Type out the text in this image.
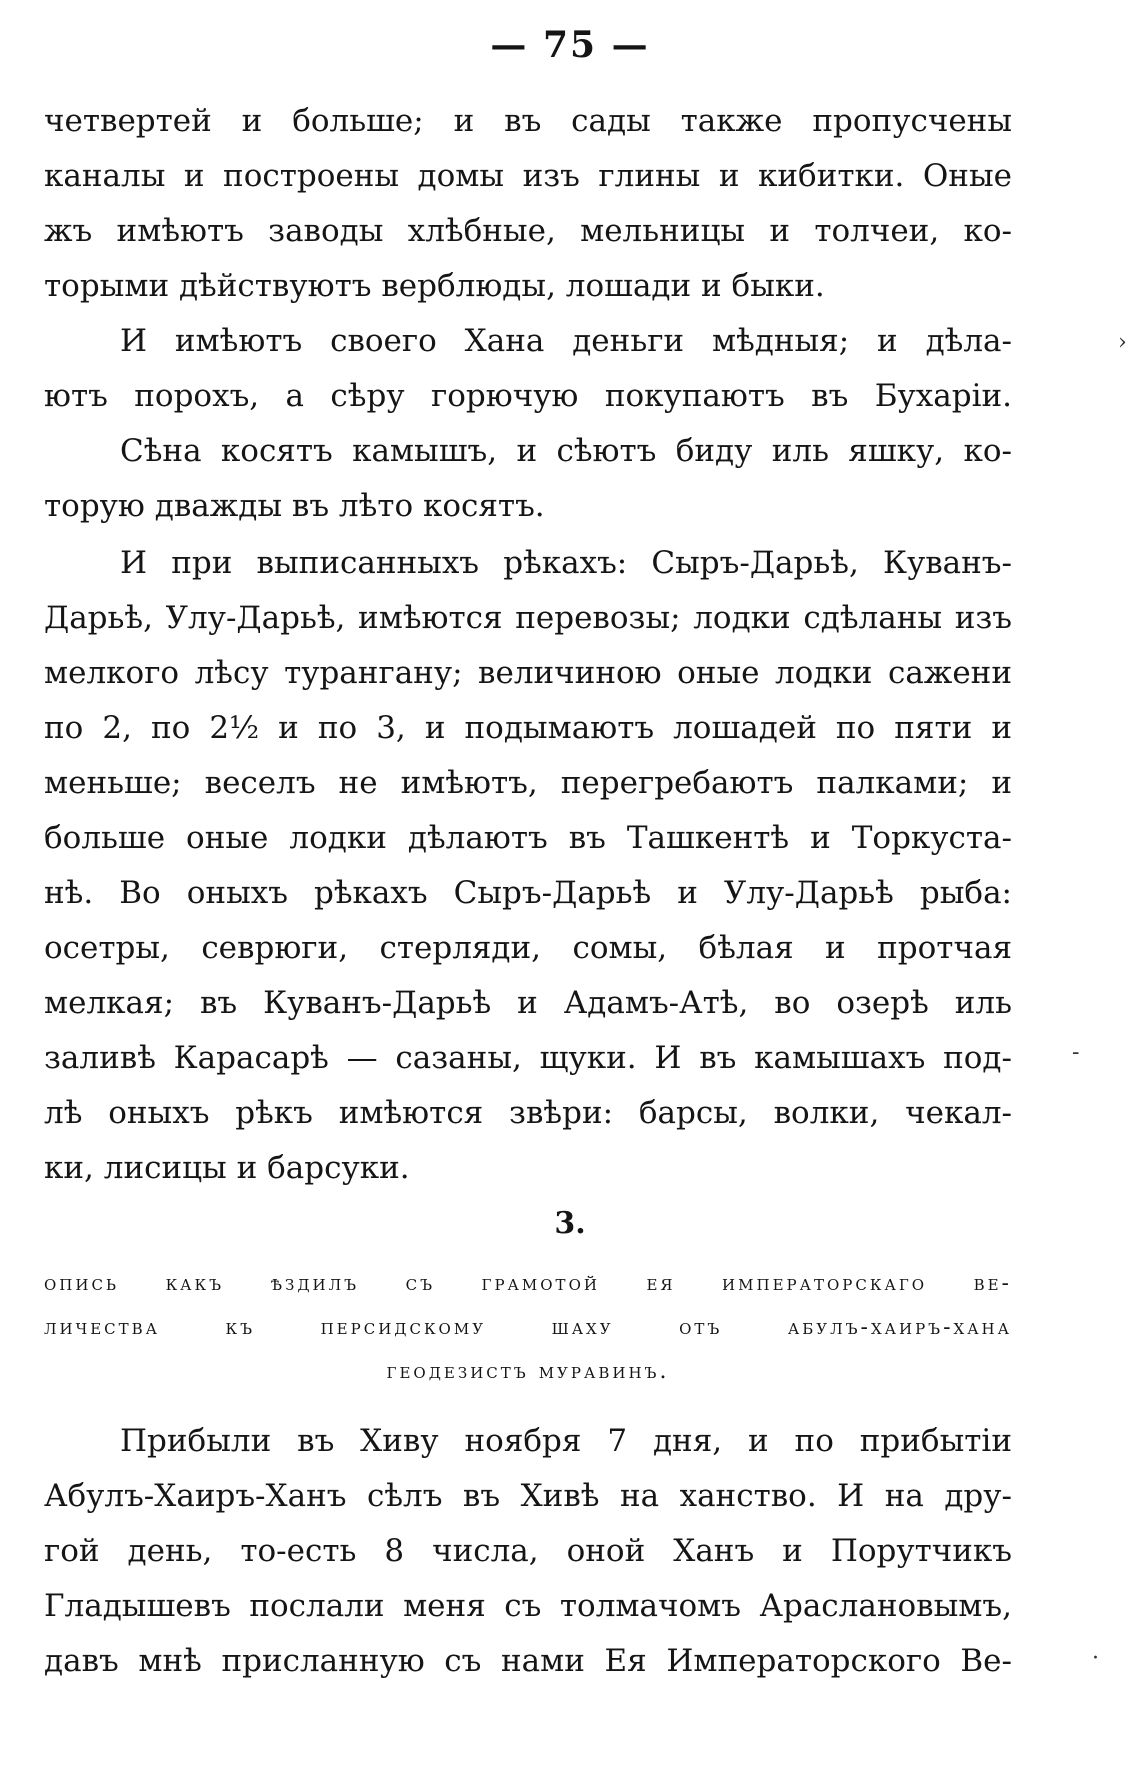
— 75 —
четвертей и больше; и въ сады также пропусчены
каналы и построены домы изъ глины и кибитки. Оные
жъ имѣютъ заводы хлѣбные, мельницы и толчеи, ко-
торыми дѣйствуютъ верблюды, лошади и быки.
И имѣютъ своего Хана деньги мѣдныя; и дѣла-
ютъ порохъ, а сѣру горючую покупаютъ въ Бухаріи.
Сѣна косятъ камышъ, и сѣютъ биду иль яшку, ко-
торую дважды въ лѣто косятъ.
И при выписанныхъ рѣкахъ: Сыръ-Дарьѣ, Куванъ-
Дарьѣ, Улу-Дарьѣ, имѣются перевозы; лодки сдѣланы изъ
мелкого лѣсу турангану; величиною оные лодки сажени
по 2, по 2½ и по 3, и подымаютъ лошадей по пяти и
меньше; веселъ не имѣютъ, перегребаютъ палками; и
больше оные лодки дѣлаютъ въ Ташкентѣ и Торкуста-
нѣ. Во оныхъ рѣкахъ Сыръ-Дарьѣ и Улу-Дарьѣ рыба:
осетры, севрюги, стерляди, сомы, бѣлая и протчая
мелкая; въ Куванъ-Дарьѣ и Адамъ-Атѣ, во озерѣ иль
заливѣ Карасарѣ — сазаны, щуки. И въ камышахъ под-
лѣ оныхъ рѣкъ имѣются звѣри: барсы, волки, чекал-
ки, лисицы и барсуки.
3.
опись какъ ѣздилъ съ грамотой ея императорскаго ве-
личества къ персидскому шаху отъ абулъ-хаиръ-хана
геодезистъ муравинъ.
Прибыли въ Хиву ноября 7 дня, и по прибытіи
Абулъ-Хаиръ-Ханъ сѣлъ въ Хивѣ на ханство. И на дру-
гой день, то-есть 8 числа, оной Ханъ и Порутчикъ
Гладышевъ послали меня съ толмачомъ Арaслановымъ,
давъ мнѣ присланную съ нами Ея Императорского Ве-
›
-
·
